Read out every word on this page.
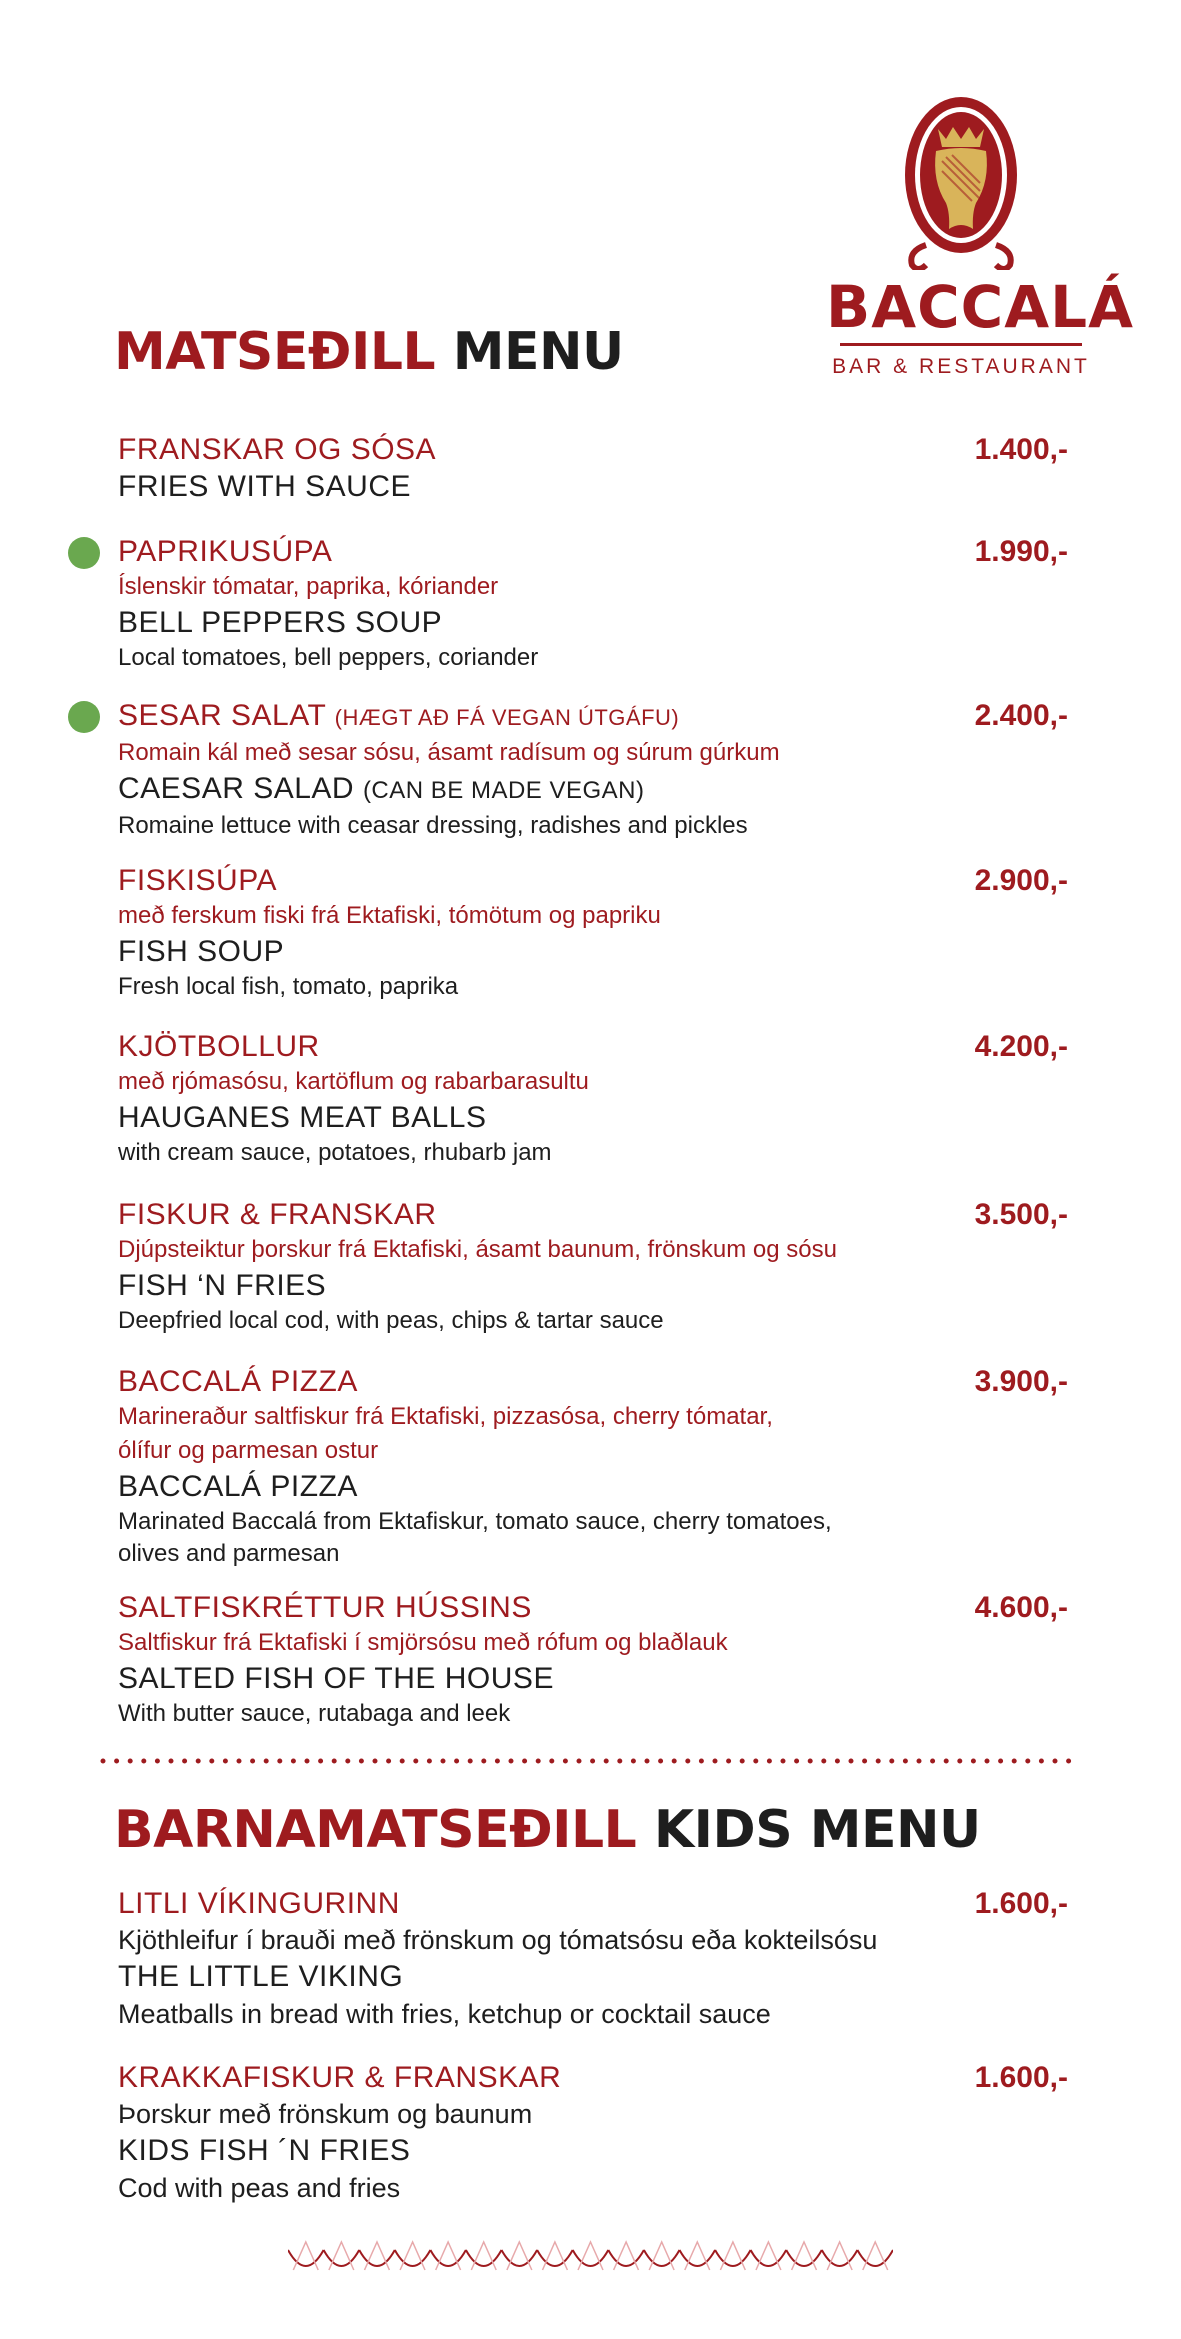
BACCALÁ
BAR & RESTAURANT
MATSEÐILL MENU
FRANSKAR OG SÓSA	1.400,-
FRIES WITH SAUCE
PAPRIKUSÚPA	1.990,-
Íslenskir tómatar, paprika, kóriander
BELL PEPPERS SOUP
Local tomatoes, bell peppers, coriander
SESAR SALAT (HÆGT AÐ FÁ VEGAN ÚTGÁFU)	2.400,-
Romain kál með sesar sósu, ásamt radísum og súrum gúrkum
CAESAR SALAD (CAN BE MADE VEGAN)
Romaine lettuce with ceasar dressing, radishes and pickles
FISKISÚPA	2.900,-
með ferskum fiski frá Ektafiski, tómötum og papriku
FISH SOUP
Fresh local fish, tomato, paprika
KJÖTBOLLUR	4.200,-
með rjómasósu, kartöflum og rabarbarasultu
HAUGANES MEAT BALLS
with cream sauce, potatoes, rhubarb jam
FISKUR & FRANSKAR	3.500,-
Djúpsteiktur þorskur frá Ektafiski, ásamt baunum, frönskum og sósu
FISH ‘N FRIES
Deepfried local cod, with peas, chips & tartar sauce
BACCALÁ PIZZA	3.900,-
Marineraður saltfiskur frá Ektafiski, pizzasósa, cherry tómatar,
ólífur og parmesan ostur
BACCALÁ PIZZA
Marinated Baccalá from Ektafiskur, tomato sauce, cherry tomatoes,
olives and parmesan
SALTFISKRÉTTUR HÚSSINS	4.600,-
Saltfiskur frá Ektafiski í smjörsósu með rófum og blaðlauk
SALTED FISH OF THE HOUSE
With butter sauce, rutabaga and leek
BARNAMATSEÐILL KIDS MENU
LITLI VÍKINGURINN	1.600,-
Kjöthleifur í brauði með frönskum og tómatsósu eða kokteilsósu
THE LITTLE VIKING
Meatballs in bread with fries, ketchup or cocktail sauce
KRAKKAFISKUR & FRANSKAR	1.600,-
Þorskur með frönskum og baunum
KIDS FISH ´N FRIES
Cod with peas and fries
